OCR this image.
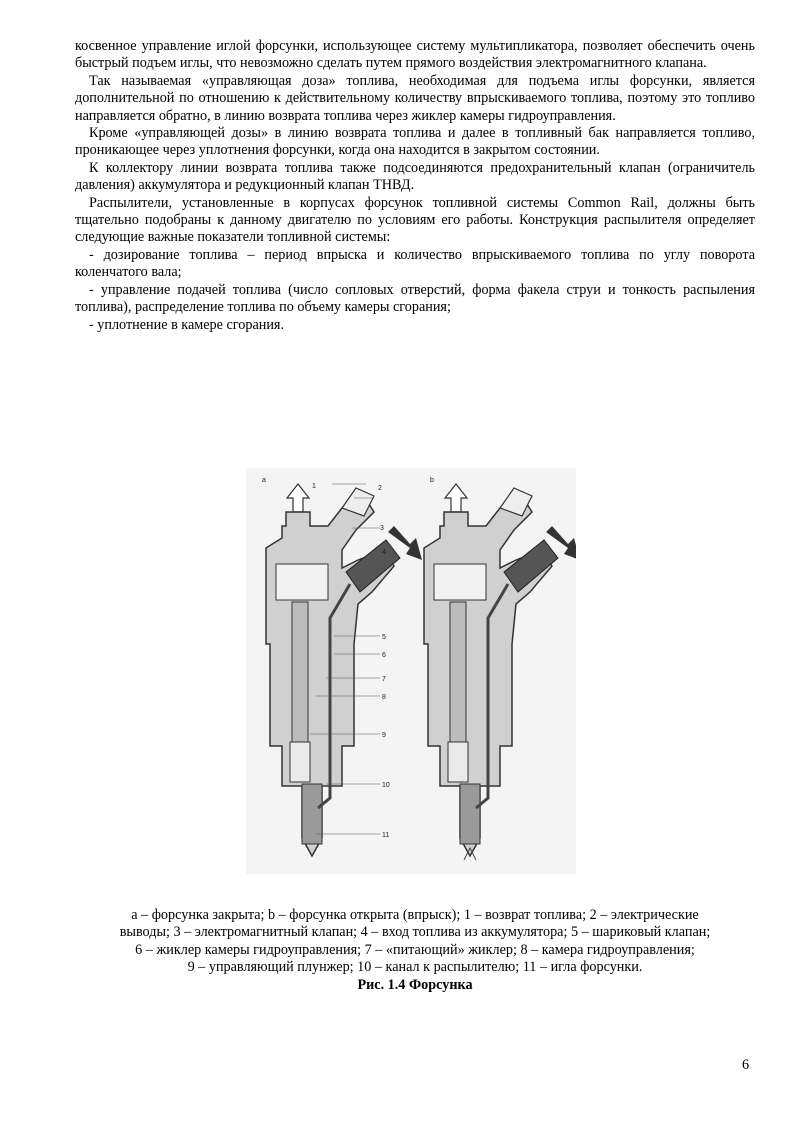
косвенное управление иглой форсунки, использующее систему мультипликатора, позволяет обеспечить очень быстрый подъем иглы, что невозможно сделать путем прямого воздействия электромагнитного клапана.

Так называемая «управляющая доза» топлива, необходимая для подъема иглы форсунки, является дополнительной по отношению к действительному количеству впрыскиваемого топлива, поэтому это топливо направляется обратно, в линию возврата топлива через жиклер камеры гидроуправления.

Кроме «управляющей дозы» в линию возврата топлива и далее в топливный бак направляется топливо, проникающее через уплотнения форсунки, когда она находится в закрытом состоянии.

К коллектору линии возврата топлива также подсоединяются предохранительный клапан (ограничитель давления) аккумулятора и редукционный клапан ТНВД.

Распылители, установленные в корпусах форсунок топливной системы Common Rail, должны быть тщательно подобраны к данному двигателю по условиям его работы. Конструкция распылителя определяет следующие важные показатели топливной системы:

- дозирование топлива – период впрыска и количество впрыскиваемого топлива по углу поворота коленчатого вала;

- управление подачей топлива (число сопловых отверстий, форма факела струи и тонкость распыления топлива), распределение топлива по объему камеры сгорания;

- уплотнение в камере сгорания.

a
1	2
3
4
5
6
7
8
9
10
11
b

a – форсунка закрыта; b – форсунка открыта (впрыск); 1 – возврат топлива; 2 – электрические

выводы; 3 – электромагнитный клапан; 4 – вход топлива из аккумулятора; 5 – шариковый клапан;

6 – жиклер камеры гидроуправления; 7 – «питающий» жиклер; 8 – камера гидроуправления;

9 – управляющий плунжер; 10 – канал к распылителю; 11 – игла форсунки.

Рис. 1.4 Форсунка

6
